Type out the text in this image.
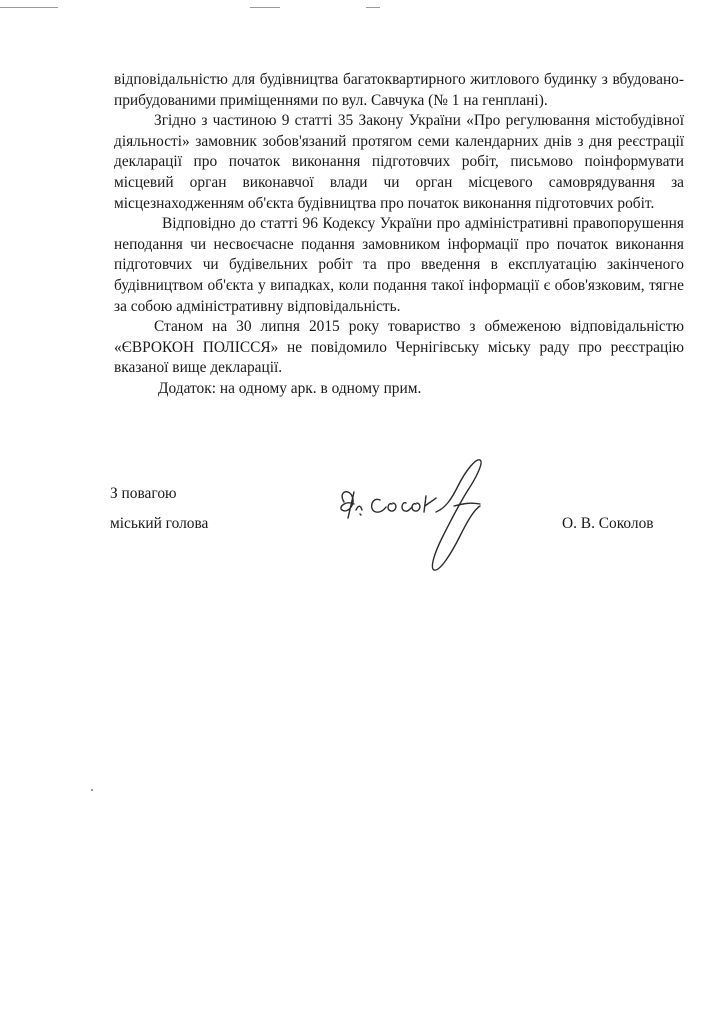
відповідальністю для будівництва багатоквартирного житлового будинку з вбудовано-прибудованими приміщеннями по вул. Савчука (№ 1 на генплані).

Згідно з частиною 9 статті 35 Закону України «Про регулювання містобудівної діяльності» замовник зобов'язаний протягом семи календарних днів з дня реєстрації декларації про початок виконання підготовчих робіт, письмово поінформувати місцевий орган виконавчої влади чи орган місцевого самоврядування за місцезнаходженням об'єкта будівництва про початок виконання підготовчих робіт.

Відповідно до статті 96 Кодексу України про адміністративні правопорушення неподання чи несвоєчасне подання замовником інформації про початок виконання підготовчих чи будівельних робіт та про введення в експлуатацію закінченого будівництвом об'єкта у випадках, коли подання такої інформації є обов'язковим, тягне за собою адміністративну відповідальність.

Станом на 30 липня 2015 року товариство з обмеженою відповідальністю «ЄВРОКОН ПОЛІССЯ» не повідомило Чернігівську міську раду про реєстрацію вказаної вище декларації.

Додаток: на одному арк. в одному прим.

З повагою

міський голова	О. В. Соколов
